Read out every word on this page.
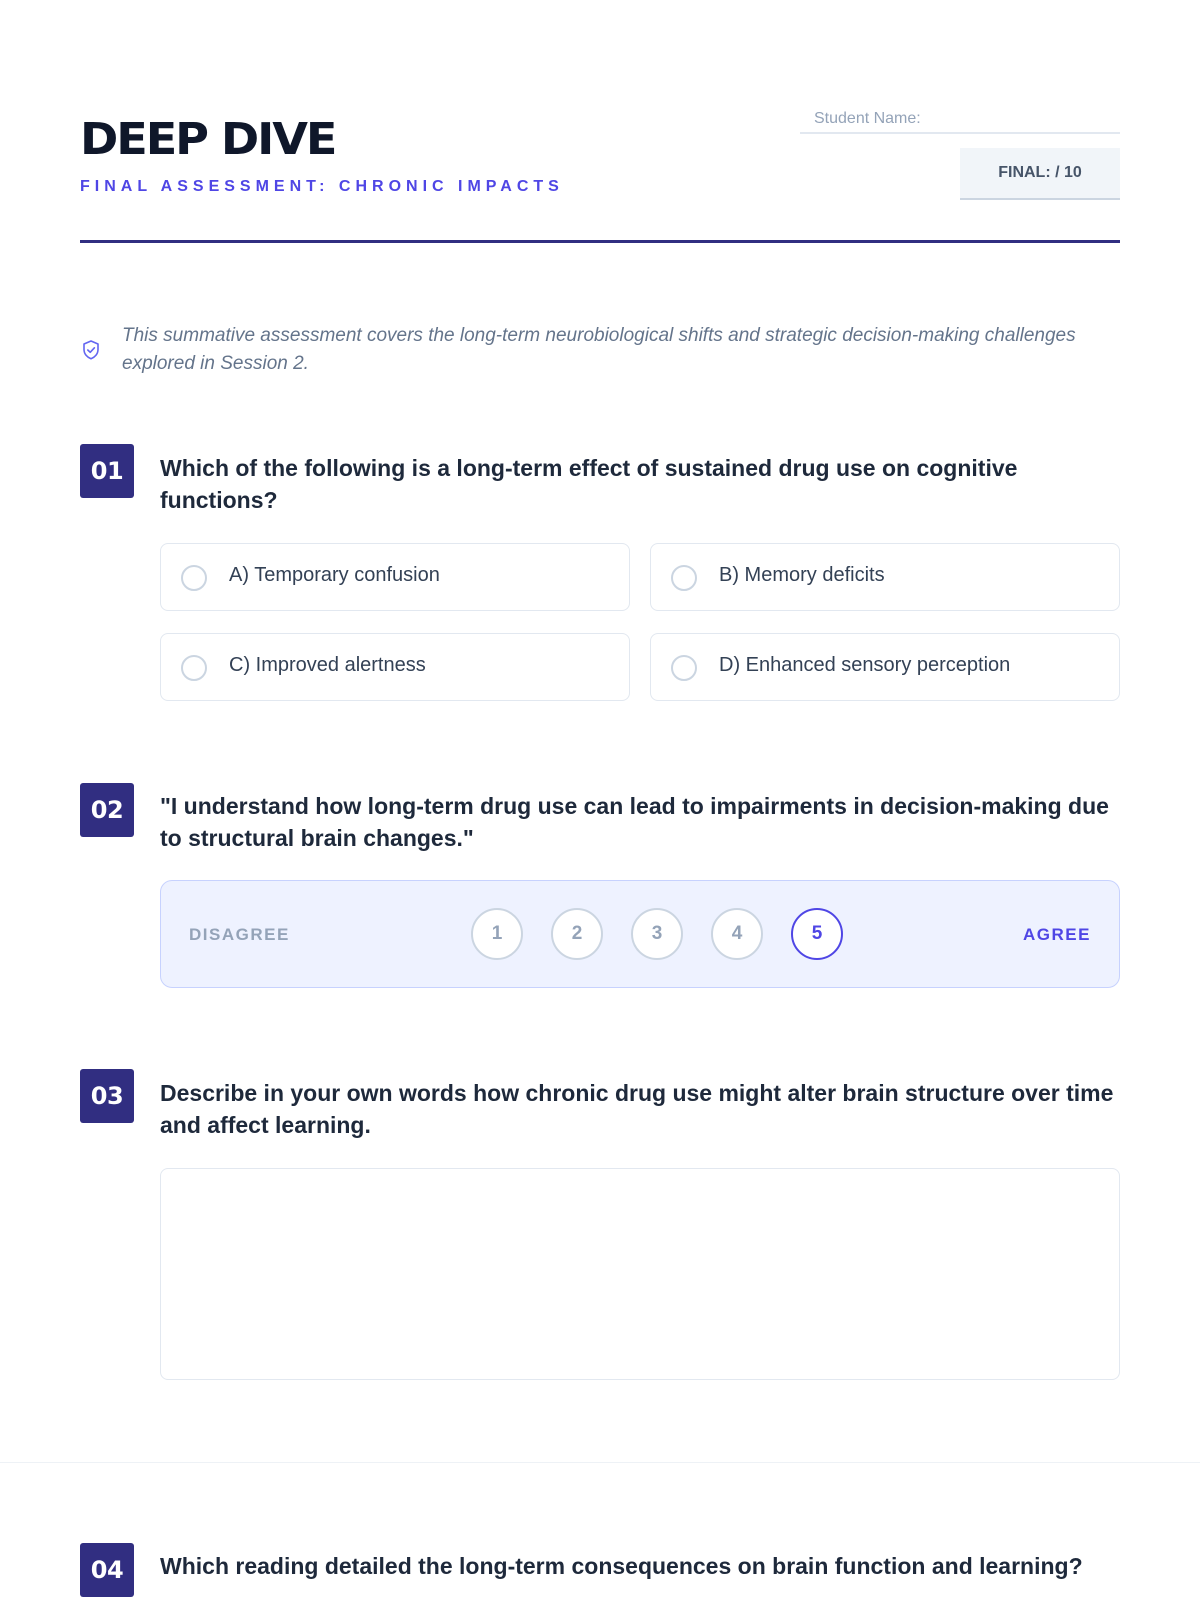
DEEP DIVE
FINAL ASSESSMENT: CHRONIC IMPACTS
Student Name:
FINAL: / 10
This summative assessment covers the long-term neurobiological shifts and strategic decision-making challenges explored in Session 2.
01	Which of the following is a long-term effect of sustained drug use on cognitive functions?
A) Temporary confusion	B) Memory deficits
C) Improved alertness	D) Enhanced sensory perception
02	"I understand how long-term drug use can lead to impairments in decision-making due to structural brain changes."
DISAGREE	1	2	3	4	5	AGREE
03	Describe in your own words how chronic drug use might alter brain structure over time and affect learning.
04	Which reading detailed the long-term consequences on brain function and learning?
